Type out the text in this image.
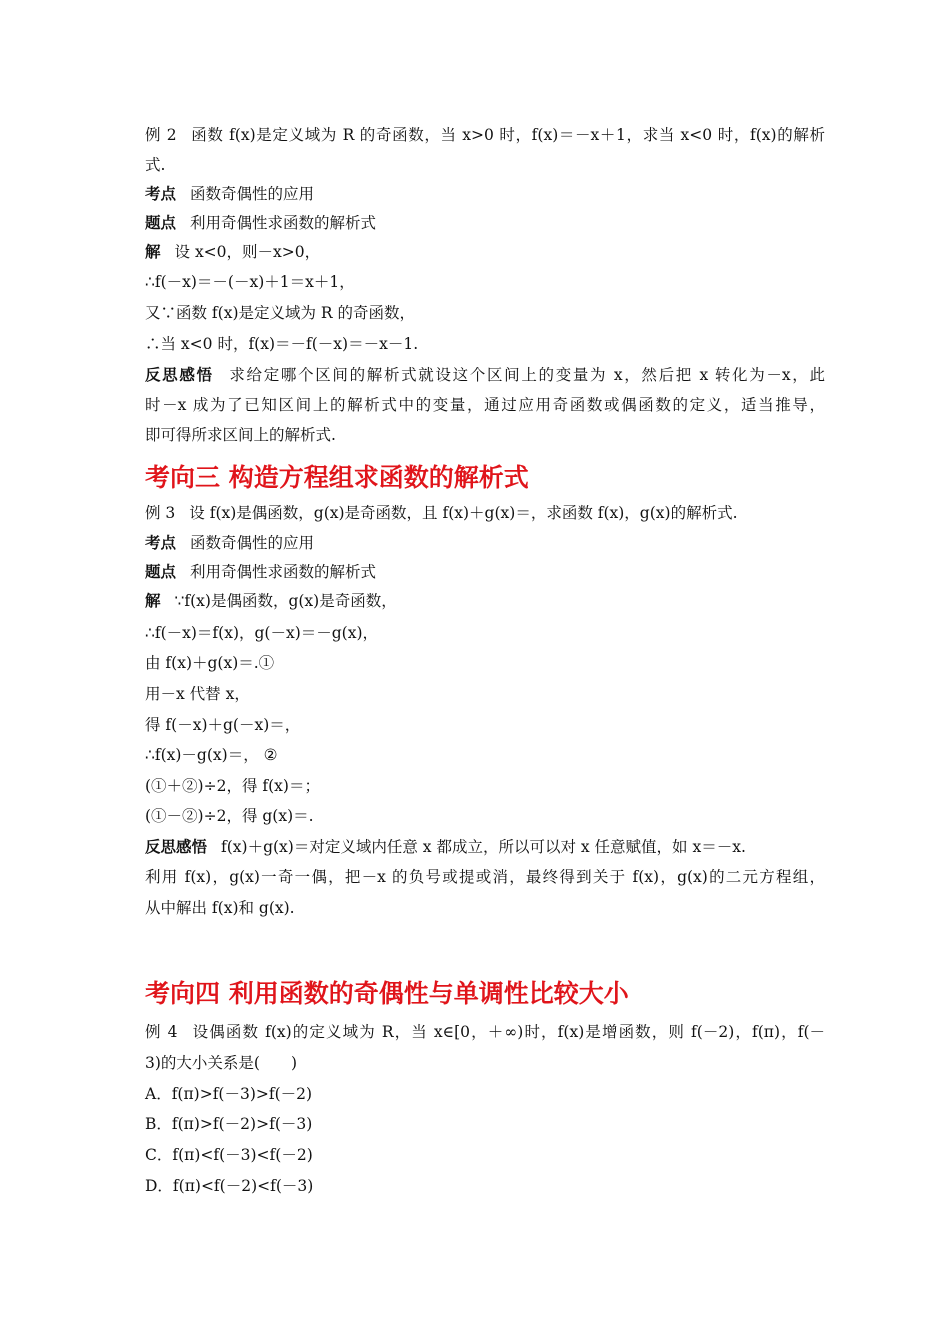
例 2 函数 f(x)是定义域为 R 的奇函数，当 x>0 时，f(x)＝－x＋1，求当 x<0 时，f(x)的解析
式.
考点 函数奇偶性的应用
题点 利用奇偶性求函数的解析式
解 设 x<0，则－x>0，
∴f(－x)＝－(－x)＋1＝x＋1，
又∵函数 f(x)是定义域为 R 的奇函数，
∴当 x<0 时，f(x)＝－f(－x)＝－x－1.
反思感悟 求给定哪个区间的解析式就设这个区间上的变量为 x，然后把 x 转化为－x，此
时－x 成为了已知区间上的解析式中的变量，通过应用奇函数或偶函数的定义，适当推导，
即可得所求区间上的解析式.
考向三 构造方程组求函数的解析式
例 3 设 f(x)是偶函数，g(x)是奇函数，且 f(x)＋g(x)＝，求函数 f(x)，g(x)的解析式.
考点 函数奇偶性的应用
题点 利用奇偶性求函数的解析式
解 ∵f(x)是偶函数，g(x)是奇函数，
∴f(－x)＝f(x)，g(－x)＝－g(x)，
由 f(x)＋g(x)＝.①
用－x 代替 x，
得 f(－x)＋g(－x)＝，
∴f(x)－g(x)＝， ②
(①＋②)÷2，得 f(x)＝；
(①－②)÷2，得 g(x)＝.
反思感悟 f(x)＋g(x)＝对定义域内任意 x 都成立，所以可以对 x 任意赋值，如 x＝－x.
利用 f(x)，g(x)一奇一偶，把－x 的负号或提或消，最终得到关于 f(x)，g(x)的二元方程组，
从中解出 f(x)和 g(x).
考向四 利用函数的奇偶性与单调性比较大小
例 4 设偶函数 f(x)的定义域为 R，当 x∈[0，＋∞)时，f(x)是增函数，则 f(－2)，f(π)，f(－
3)的大小关系是(　　)
A．f(π)>f(－3)>f(－2)
B．f(π)>f(－2)>f(－3)
C．f(π)<f(－3)<f(－2)
D．f(π)<f(－2)<f(－3)
